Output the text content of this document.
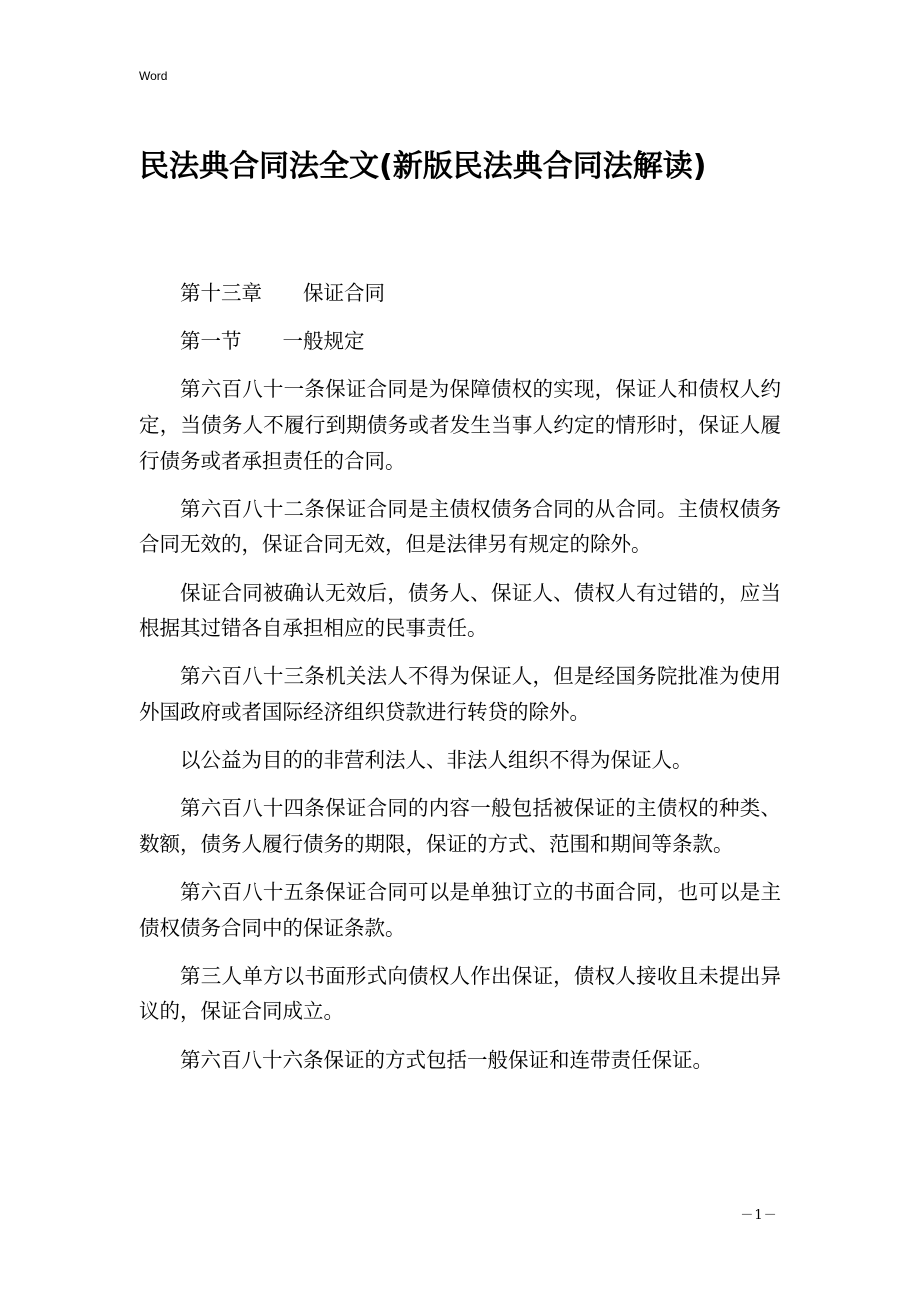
Word
民法典合同法全文(新版民法典合同法解读)

第十三章　　保证合同

第一节　　一般规定

第六百八十一条保证合同是为保障债权的实现，保证人和债权人约定，当债务人不履行到期债务或者发生当事人约定的情形时，保证人履行债务或者承担责任的合同。

第六百八十二条保证合同是主债权债务合同的从合同。主债权债务合同无效的，保证合同无效，但是法律另有规定的除外。

保证合同被确认无效后，债务人、保证人、债权人有过错的，应当根据其过错各自承担相应的民事责任。

第六百八十三条机关法人不得为保证人，但是经国务院批准为使用外国政府或者国际经济组织贷款进行转贷的除外。

以公益为目的的非营利法人、非法人组织不得为保证人。

第六百八十四条保证合同的内容一般包括被保证的主债权的种类、数额，债务人履行债务的期限，保证的方式、范围和期间等条款。

第六百八十五条保证合同可以是单独订立的书面合同，也可以是主债权债务合同中的保证条款。

第三人单方以书面形式向债权人作出保证，债权人接收且未提出异议的，保证合同成立。

第六百八十六条保证的方式包括一般保证和连带责任保证。

－1－
